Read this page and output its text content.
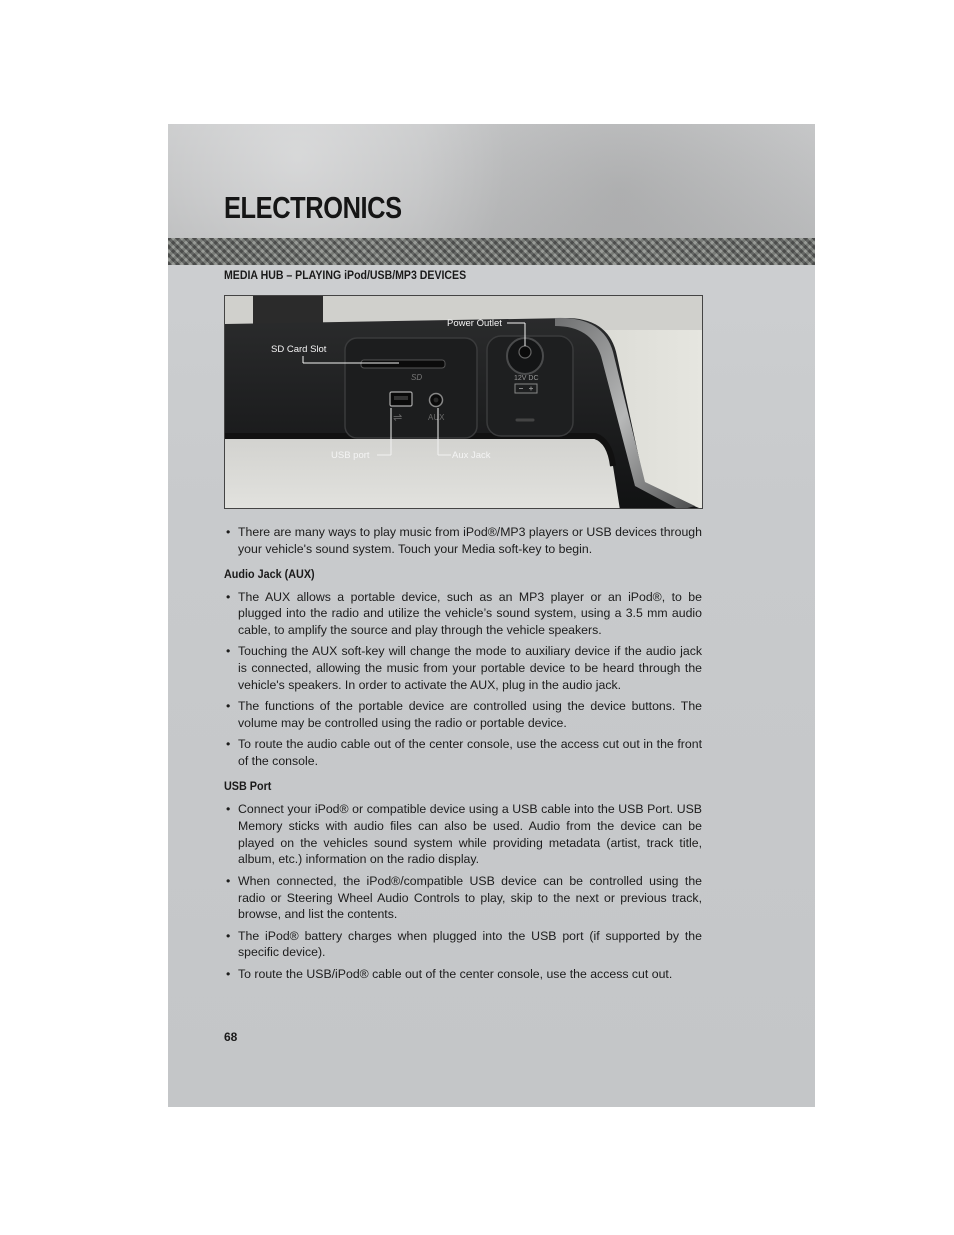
ELECTRONICS
MEDIA HUB – PLAYING iPod/USB/MP3 DEVICES
SD
⇌	AUX
12V DC
Power Outlet
SD Card Slot
USB port	Aux Jack
• There are many ways to play music from iPod®/MP3 players or USB devices through your vehicle's sound system. Touch your Media soft-key to begin.
Audio Jack (AUX)
• The AUX allows a portable device, such as an MP3 player or an iPod®, to be plugged into the radio and utilize the vehicle’s sound system, using a 3.5 mm audio cable, to amplify the source and play through the vehicle speakers.
• Touching the AUX soft-key will change the mode to auxiliary device if the audio jack is connected, allowing the music from your portable device to be heard through the vehicle's speakers. In order to activate the AUX, plug in the audio jack.
• The functions of the portable device are controlled using the device buttons. The volume may be controlled using the radio or portable device.
• To route the audio cable out of the center console, use the access cut out in the front of the console.
USB Port
• Connect your iPod® or compatible device using a USB cable into the USB Port. USB Memory sticks with audio files can also be used. Audio from the device can be played on the vehicles sound system while providing metadata (artist, track title, album, etc.) information on the radio display.
• When connected, the iPod®/compatible USB device can be controlled using the radio or Steering Wheel Audio Controls to play, skip to the next or previous track, browse, and list the contents.
• The iPod® battery charges when plugged into the USB port (if supported by the specific device).
• To route the USB/iPod® cable out of the center console, use the access cut out.
68
